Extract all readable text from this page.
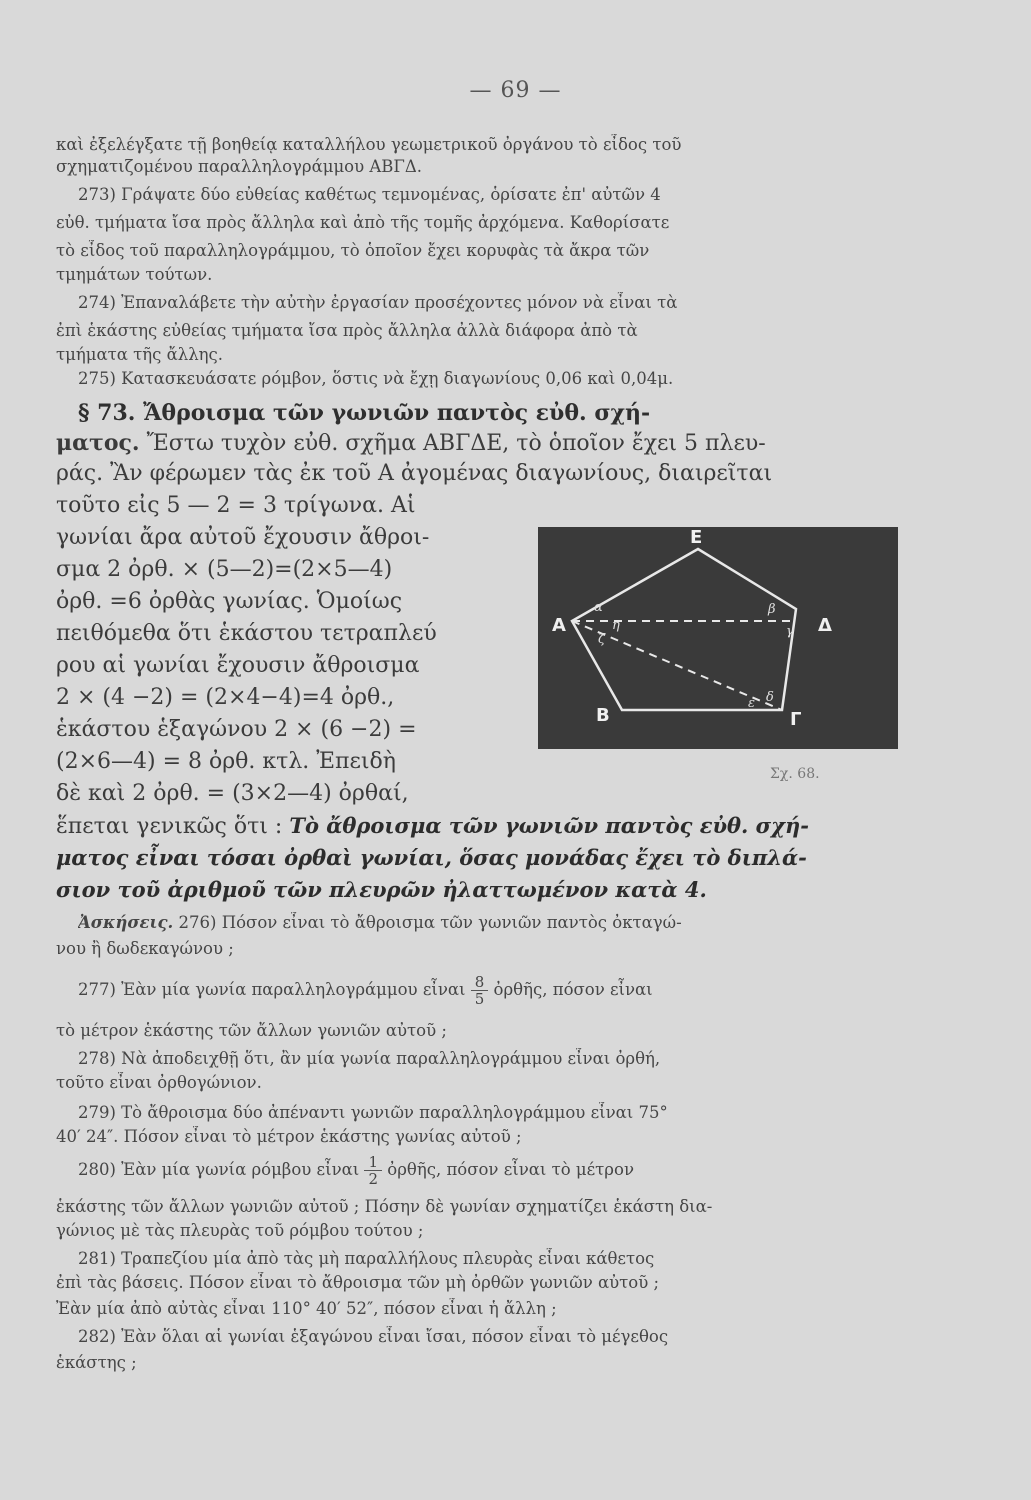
— 69 —
καὶ ἐξελέγξατε τῇ βοηθείᾳ καταλλήλου γεωμετρικοῦ ὀργάνου τὸ εἶδος τοῦ
σχηματιζομένου παραλληλογράμμου ΑΒΓΔ.
273) Γράψατε δύο εὐθείας καθέτως τεμνομένας, ὁρίσατε ἐπ' αὐτῶν 4
εὐθ. τμήματα ἴσα πρὸς ἄλληλα καὶ ἀπὸ τῆς τομῆς ἀρχόμενα. Καθορίσατε
τὸ εἶδος τοῦ παραλληλογράμμου, τὸ ὁποῖον ἔχει κορυφὰς τὰ ἄκρα τῶν
τμημάτων τούτων.
274) Ἐπαναλάβετε τὴν αὐτὴν ἐργασίαν προσέχοντες μόνον νὰ εἶναι τὰ
ἐπὶ ἑκάστης εὐθείας τμήματα ἴσα πρὸς ἄλληλα ἀλλὰ διάφορα ἀπὸ τὰ
τμήματα τῆς ἄλλης.
275) Κατασκευάσατε ρόμβον, ὅστις νὰ ἔχῃ διαγωνίους 0,06 καὶ 0,04μ.
§ 73. Ἄθροισμα τῶν γωνιῶν παντὸς εὐθ. σχή-
ματος. Ἔστω τυχὸν εὐθ. σχῆμα ΑΒΓΔΕ, τὸ ὁποῖον ἔχει 5 πλευ-
ράς. Ἂν φέρωμεν τὰς ἐκ τοῦ Α ἀγομένας διαγωνίους, διαιρεῖται
τοῦτο εἰς 5 — 2 = 3 τρίγωνα. Αἱ
γωνίαι ἄρα αὐτοῦ ἔχουσιν ἄθροι-
σμα 2 ὀρθ. × (5—2)=(2×5—4)
ὀρθ. =6 ὀρθὰς γωνίας. Ὁμοίως
πειθόμεθα ὅτι ἑκάστου τετραπλεύ
ρου αἱ γωνίαι ἔχουσιν ἄθροισμα
2 × (4 −2) = (2×4−4)=4 ὀρθ.,
ἑκάστου ἑξαγώνου 2 × (6 −2) =
(2×6—4) = 8 ὀρθ. κτλ. Ἐπειδὴ
δὲ καὶ 2 ὀρθ. = (3×2—4) ὀρθαί,
ἕπεται γενικῶς ὅτι : Τὸ ἄθροισμα τῶν γωνιῶν παντὸς εὐθ. σχή-
ματος εἶναι τόσαι ὀρθαὶ γωνίαι, ὅσας μονάδας ἔχει τὸ διπλά-
σιον τοῦ ἀριθμοῦ τῶν πλευρῶν ἠλαττωμένον κατὰ 4.
Ἀσκήσεις. 276) Πόσον εἶναι τὸ ἄθροισμα τῶν γωνιῶν παντὸς ὀκταγώ-
νου ἢ δωδεκαγώνου ;
277) Ἐὰν μία γωνία παραλληλογράμμου εἶναι $\frac{8}{5}$ ὀρθῆς, πόσον εἶναι
τὸ μέτρον ἑκάστης τῶν ἄλλων γωνιῶν αὐτοῦ ;
278) Νὰ ἀποδειχθῇ ὅτι, ἂν μία γωνία παραλληλογράμμου εἶναι ὀρθή,
τοῦτο εἶναι ὀρθογώνιον.
279) Τὸ ἄθροισμα δύο ἀπέναντι γωνιῶν παραλληλογράμμου εἶναι 75°
40′ 24″. Πόσον εἶναι τὸ μέτρον ἑκάστης γωνίας αὐτοῦ ;
280) Ἐὰν μία γωνία ρόμβου εἶναι $\frac{1}{2}$ ὀρθῆς, πόσον εἶναι τὸ μέτρον
ἑκάστης τῶν ἄλλων γωνιῶν αὐτοῦ ; Πόσην δὲ γωνίαν σχηματίζει ἑκάστη δια-
γώνιος μὲ τὰς πλευρὰς τοῦ ρόμβου τούτου ;
281) Τραπεζίου μία ἀπὸ τὰς μὴ παραλλήλους πλευρὰς εἶναι κάθετος
ἐπὶ τὰς βάσεις. Πόσον εἶναι τὸ ἄθροισμα τῶν μὴ ὀρθῶν γωνιῶν αὐτοῦ ;
Ἐὰν μία ἀπὸ αὐτὰς εἶναι 110° 40′ 52″, πόσον εἶναι ἡ ἄλλη ;
282) Ἐὰν ὅλαι αἱ γωνίαι ἑξαγώνου εἶναι ἴσαι, πόσον εἶναι τὸ μέγεθος
ἑκάστης ;
Ε
Α	Δ
Β	Γ
α	β
γ
η
ζ
δ
ε
Σχ. 68.
